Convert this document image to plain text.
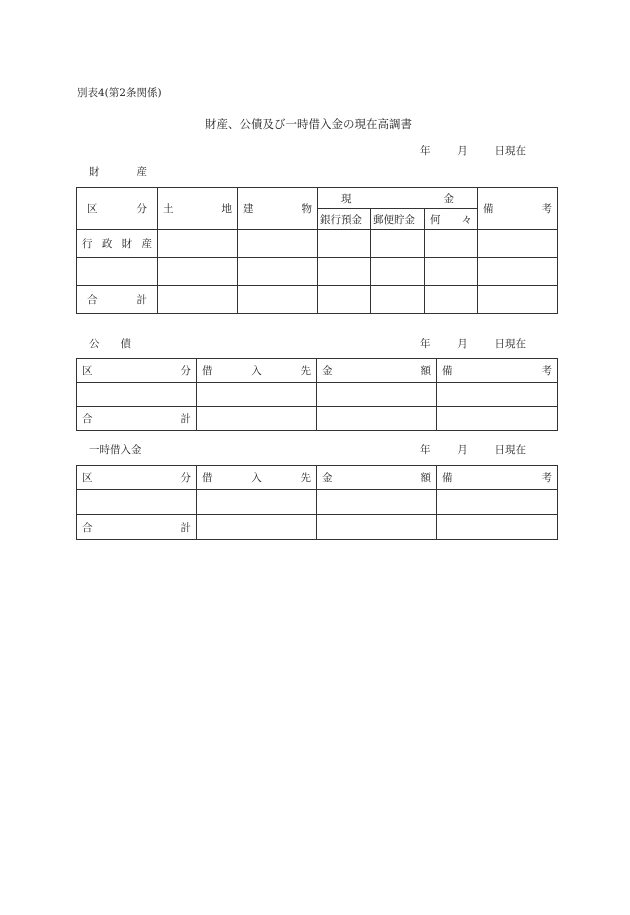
別表4(第2条関係)
財産、公債及び一時借入金の現在高調書
年	月	日現在
財	産
区 分	土 地	建 物	現 金			備 考

			銀行預金	郵便貯金	何 々	

行 政 財 産						

合 計						

公　　債	年	月	日現在
区 分	借 入 先	金 額	備 考

合 計			

一時借入金	年	月	日現在
区 分	借 入 先	金 額	備 考

合 計			
